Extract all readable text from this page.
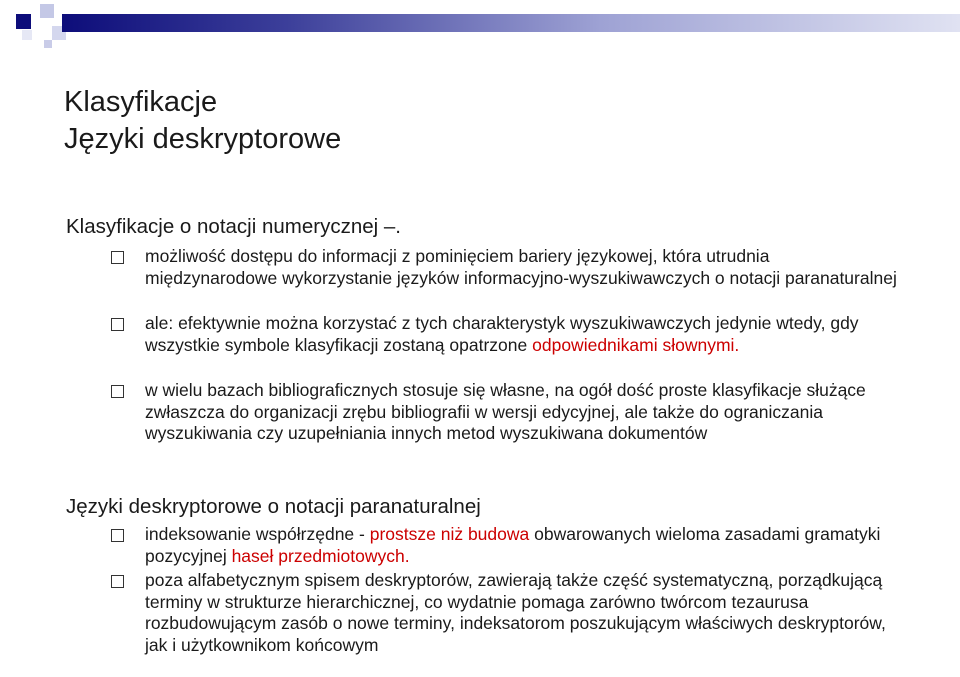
Klasyfikacje
Języki deskryptorowe
Klasyfikacje o notacji numerycznej –.
możliwość dostępu do informacji z pominięciem bariery językowej, która utrudnia międzynarodowe wykorzystanie języków informacyjno-wyszukiwawczych o notacji paranaturalnej
ale: efektywnie można korzystać z tych charakterystyk wyszukiwawczych jedynie wtedy, gdy wszystkie symbole klasyfikacji zostaną opatrzone odpowiednikami słownymi.
w wielu bazach bibliograficznych stosuje się własne, na ogół dość proste klasyfikacje służące zwłaszcza do organizacji zrębu bibliografii w wersji edycyjnej, ale także do ograniczania wyszukiwania czy uzupełniania innych metod wyszukiwana dokumentów
Języki deskryptorowe o notacji paranaturalnej
indeksowanie współrzędne - prostsze niż budowa obwarowanych wieloma zasadami gramatyki pozycyjnej haseł przedmiotowych.
poza alfabetycznym spisem deskryptorów, zawierają także część systematyczną, porządkującą terminy w strukturze hierarchicznej, co wydatnie pomaga zarówno twórcom tezaurusa rozbudowującym zasób o nowe terminy, indeksatorom poszukującym właściwych deskryptorów, jak i użytkownikom końcowym
